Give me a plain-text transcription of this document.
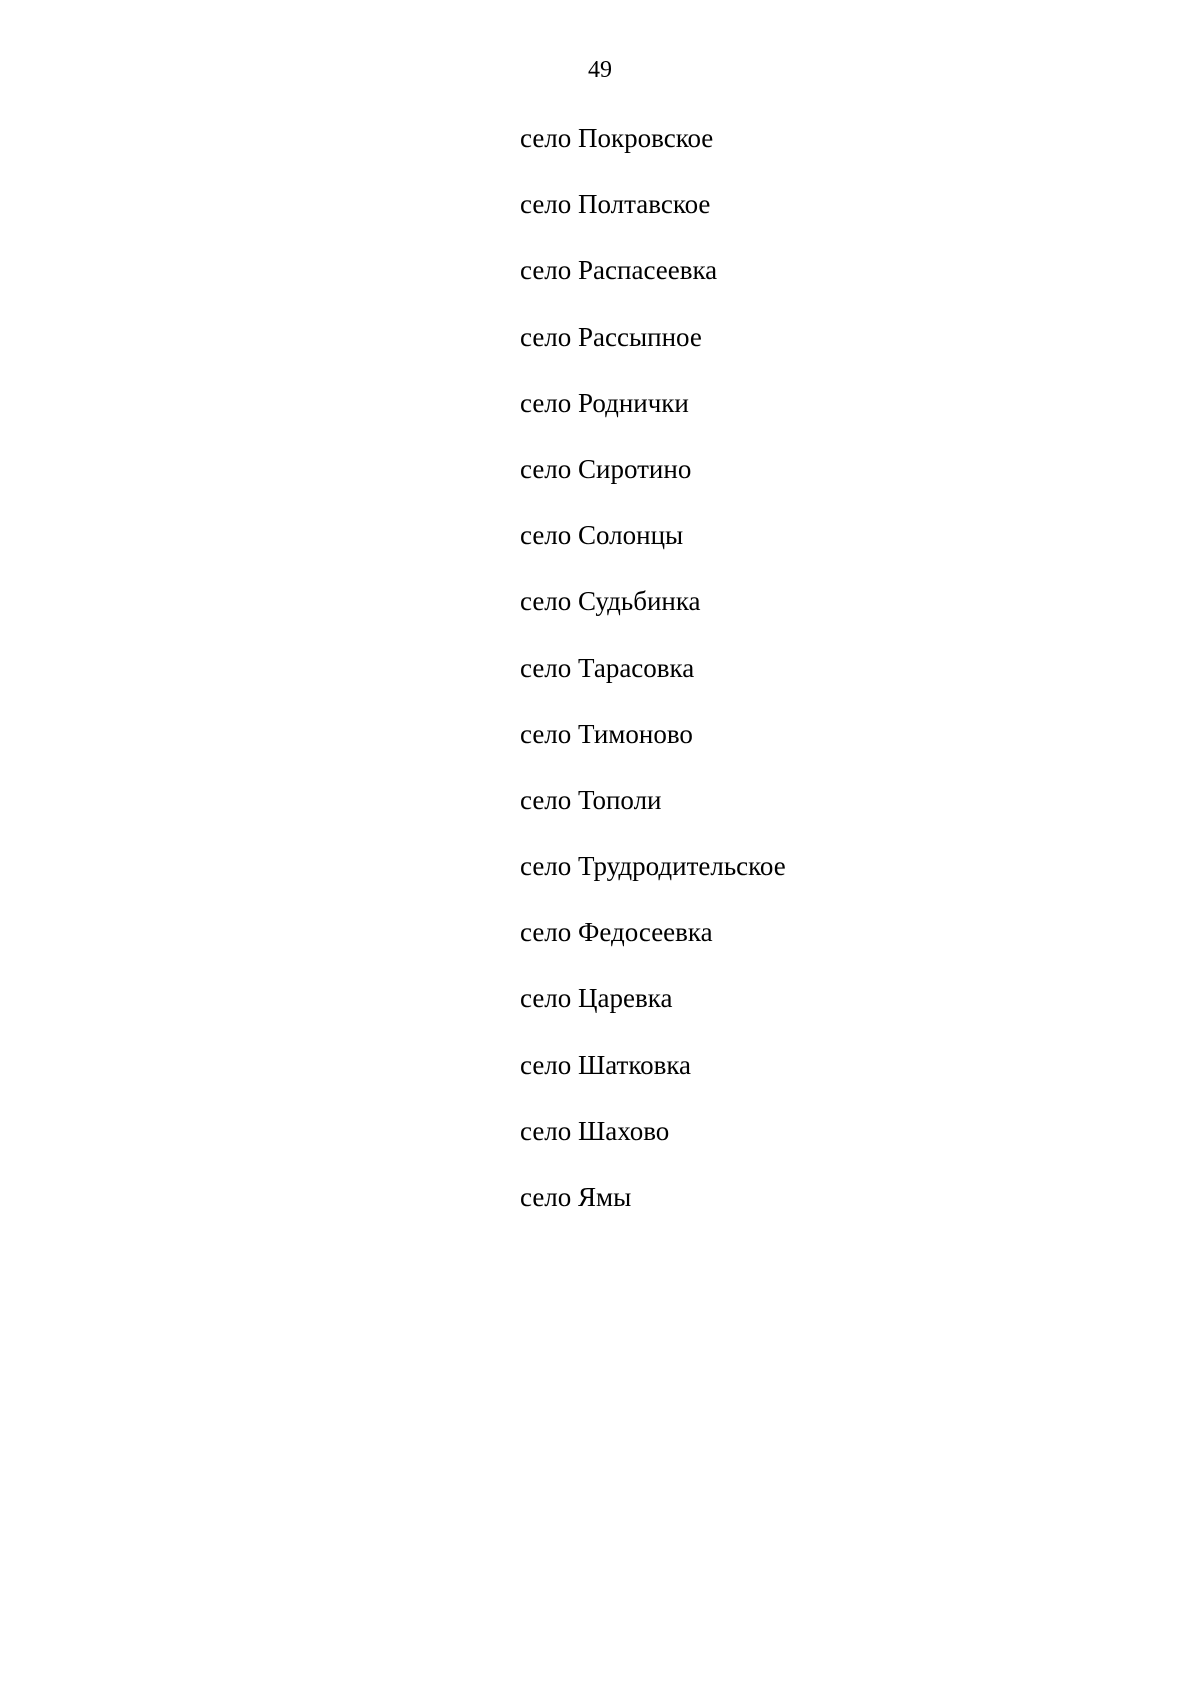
49
село Покровское
село Полтавское
село Распасеевка
село Рассыпное
село Роднички
село Сиротино
село Солонцы
село Судьбинка
село Тарасовка
село Тимоново
село Тополи
село Трудродительское
село Федосеевка
село Царевка
село Шатковка
село Шахово
село Ямы
